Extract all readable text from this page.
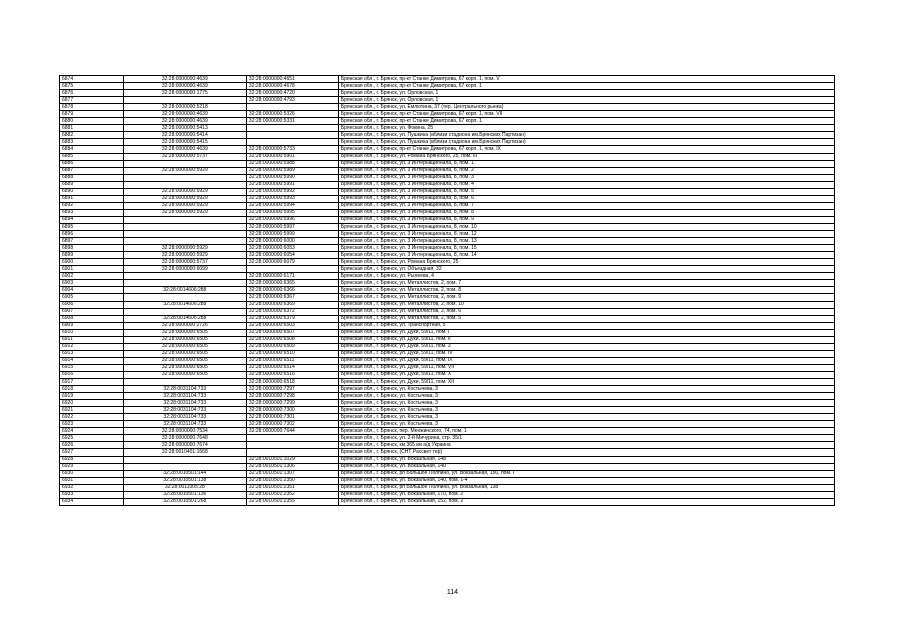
6874	32:28:0000000:4639	32:28:0000000:4651	Брянская обл., г. Брянск, пр-кт Станке Димитрова, 67 корп. 1, пом. V
6875	32:28:0000000:4639	32:28:0000000:4678	Брянская обл., г. Брянск, пр-кт Станке Димитрова, 67 корп. 1
6876	32:28:0000000:1775	32:28:0000000:4720	Брянская обл., г. Брянск, ул. Орловская, 1
6877		32:28:0000000:4793	Брянская обл., г. Брянск, ул. Орловская, 1
6878	32:28:0000000:5218		Брянская обл., г. Брянск, ул. Емлютина, 37 (тер. Центрального рынка)
6879	32:28:0000000:4639	32:28:0000000:5326	Брянская обл., г. Брянск, пр-кт Станке Димитрова, 67 корп. 1, пом. VII
6880	32:28:0000000:4639	32:28:0000000:5331	Брянская обл., г. Брянск, пр-кт Станке Димитрова, 67 корп. 1
6881	32:28:0000000:5413		Брянская обл., г. Брянск, ул. Фокина, 25
6882	32:28:0000000:5414		Брянская обл., г. Брянск, ул. Пушкина (вблизи стадиона им.Брянских Партизан)
6883	32:28:0000000:5415		Брянская обл., г. Брянск, ул. Пушкина (вблизи стадиона им.Брянских Партизан)
6884	32:28:0000000:4639	32:28:0000000:5733	Брянская обл., г. Брянск, пр-кт Станке Димитрова, 67 корп. 1, пом. IX
6885	32:28:0000000:5737	32:28:0000000:5901	Брянская обл., г. Брянск, ул. Романа Брянского, 25, пом. III
6886		32:28:0000000:5988	Брянская обл., г. Брянск, ул. 3 Интернационала, 8, пом. 1
6887	32:28:0000000:5929	32:28:0000000:5989	Брянская обл., г. Брянск, ул. 3 Интернационала, 8, пом. 2
6888		32:28:0000000:5990	Брянская обл., г. Брянск, ул. 3 Интернационала, 8, пом. 3
6889		32:28:0000000:5991	Брянская обл., г. Брянск, ул. 3 Интернационала, 8, пом. 4
6890	32:28:0000000:5929	32:28:0000000:5992	Брянская обл., г. Брянск, ул. 3 Интернационала, 8, пом. 5
6891	32:28:0000000:5929	32:28:0000000:5993	Брянская обл., г. Брянск, ул. 3 Интернационала, 8, пом. 6
6892	32:28:0000000:5929	32:28:0000000:5994	Брянская обл., г. Брянск, ул. 3 Интернационала, 8, пом. 7
6893	32:28:0000000:5929	32:28:0000000:5995	Брянская обл., г. Брянск, ул. 3 Интернационала, 8, пом. 8
6894		32:28:0000000:5996	Брянская обл., г. Брянск, ул. 3 Интернационала, 8, пом. 9
6895		32:28:0000000:5997	Брянская обл., г. Брянск, ул. 3 Интернационала, 8, пом. 10
6896		32:28:0000000:5999	Брянская обл., г. Брянск, ул. 3 Интернационала, 8, пом. 12
6897		32:28:0000000:6000	Брянская обл., г. Брянск, ул. 3 Интернационала, 8, пом. 13
6898	32:28:0000000:5929	32:28:0000000:6053	Брянская обл., г. Брянск, ул. 3 Интернационала, 8, пом. 15
6899	32:28:0000000:5929	32:28:0000000:6054	Брянская обл., г. Брянск, ул. 3 Интернационала, 8, пом. 14
6900	32:28:0000000:5737	32:28:0000000:6079	Брянская обл., г. Брянск, ул. Романа Брянского, 25
6901	32:28:0000000:6099		Брянская обл., г. Брянск, ул. Объездная, 32
6902		32:28:0000000:6171	Брянская обл., г. Брянск, ул. Рылеева, 4
6903		32:28:0000000:6365	Брянская обл., г. Брянск, ул. Металлистов, 2, пом. 7
6904	32:28:0014606:288	32:28:0000000:6366	Брянская обл., г. Брянск, ул. Металлистов, 2, пом. 8
6905		32:28:0000000:6367	Брянская обл., г. Брянск, ул. Металлистов, 2, пом. 9
6906	32:28:0014606:288	32:28:0000000:6369	Брянская обл., г. Брянск, ул. Металлистов, 2, пом. 10
6907		32:28:0000000:6372	Брянская обл., г. Брянск, ул. Металлистов, 2, пом. 6
6908	32:28:0014606:288	32:28:0000000:6379	Брянская обл., г. Брянск, ул. Металлистов, 2, пом. 5
6909	32:28:0000000:2726	32:28:0000000:6503	Брянская обл., г. Брянск, ул. Транспортная, 5
6910	32:28:0000000:6505	32:28:0000000:6507	Брянская обл., г. Брянск, ул. Дуки, 59/11, пом. I
6911	32:28:0000000:6505	32:28:0000000:6508	Брянская обл., г. Брянск, ул. Дуки, 59/11, пом. II
6912	32:28:0000000:6505	32:28:0000000:6509	Брянская обл., г. Брянск, ул. Дуки, 59/11, пом. 3
6913	32:28:0000000:6505	32:28:0000000:6510	Брянская обл., г. Брянск, ул. Дуки, 59/11, пом. IV
6914	32:28:0000000:6505	32:28:0000000:6511	Брянская обл., г. Брянск, ул. Дуки, 59/11, пом. IX
6915	32:28:0000000:6505	32:28:0000000:6514	Брянская обл., г. Брянск, ул. Дуки, 59/11, пом. VII
6916	32:28:0000000:6505	32:28:0000000:6516	Брянская обл., г. Брянск, ул. Дуки, 59/11, пом. X
6917		32:28:0000000:6518	Брянская обл., г. Брянск, ул. Дуки, 59/11, пом. XII
6918	32:28:0031104:733	32:28:0000000:7297	Брянская обл., г. Брянск, ул. Костычева, 3
6919	32:28:0031104:733	32:28:0000000:7298	Брянская обл., г. Брянск, ул. Костычева, 3
6920	32:28:0031104:733	32:28:0000000:7299	Брянская обл., г. Брянск, ул. Костычева, 3
6921	32:28:0031104:733	32:28:0000000:7300	Брянская обл., г. Брянск, ул. Костычева, 3
6922	32:28:0031104:733	32:28:0000000:7301	Брянская обл., г. Брянск, ул. Костычева, 3
6923	32:28:0031104:733	32:28:0000000:7302	Брянская обл., г. Брянск, ул. Костычева, 3
6924	32:28:0000000:7534	32:28:0000000:7644	Брянская обл., г. Брянск, пер. Менжинского, 74, пом. 1
6925	32:28:0000000:7648		Брянская обл., г. Брянск, ул. 2-й Мичурина, стр. 35/1
6926	32:28:0000000:7674		Брянская обл., г. Брянск, км 365 км а/д Украина
6927	32:28:0010401:1668		Брянская обл., г. Брянск, (СНТ Рассвет тер)
6928		32:28:0010501:1029	Брянская обл., г. Брянск, ул. Вокзальная, 148
6929		32:28:0010501:1306	Брянская обл., г. Брянск, ул. Вокзальная, 140
6930	32:28:0010501:144	32:28:0010501:1307	Брянская обл., г. Брянск, рп Большое Полпино, ул. Вокзальная, 150, пом. I
6931	32:28:0010501:138	32:28:0010501:2350	Брянская обл., г. Брянск, ул. Вокзальная, 140, пом. 1-4
6932	32:28:0011005:28	32:28:0010501:2351	Брянская обл., г. Брянск, рп Большое Полпино, ул. Вокзальная, 138
6933	32:28:0010501:136	32:28:0010501:2352	Брянская обл., г. Брянск, ул. Вокзальная, 170, пом. 2
6934	32:28:0010501:268	32:28:0010501:2355	Брянская обл., г. Брянск, ул. Вокзальная, 152, пом. 2
114
